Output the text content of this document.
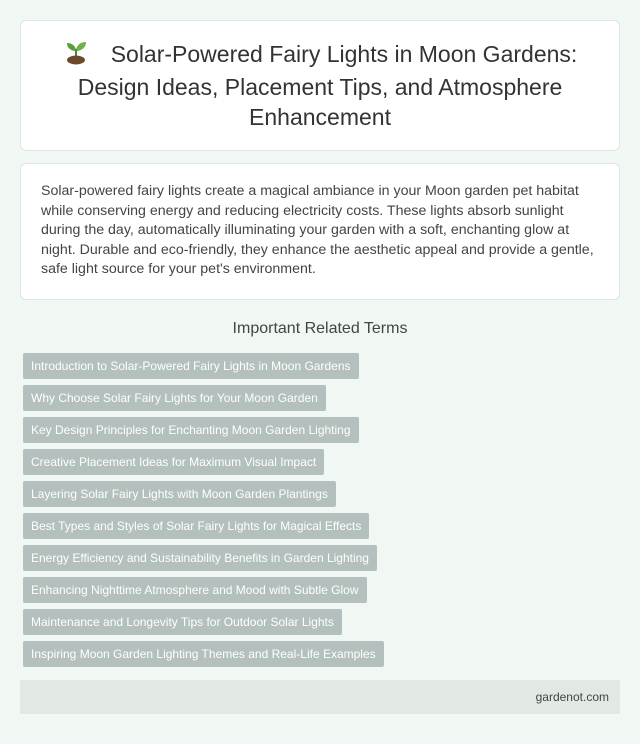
Solar-Powered Fairy Lights in Moon Gardens: Design Ideas, Placement Tips, and Atmosphere Enhancement

Solar-powered fairy lights create a magical ambiance in your Moon garden pet habitat while conserving energy and reducing electricity costs. These lights absorb sunlight during the day, automatically illuminating your garden with a soft, enchanting glow at night. Durable and eco-friendly, they enhance the aesthetic appeal and provide a gentle, safe light source for your pet's environment.

Important Related Terms
Introduction to Solar-Powered Fairy Lights in Moon Gardens
Why Choose Solar Fairy Lights for Your Moon Garden
Key Design Principles for Enchanting Moon Garden Lighting
Creative Placement Ideas for Maximum Visual Impact
Layering Solar Fairy Lights with Moon Garden Plantings
Best Types and Styles of Solar Fairy Lights for Magical Effects
Energy Efficiency and Sustainability Benefits in Garden Lighting
Enhancing Nighttime Atmosphere and Mood with Subtle Glow
Maintenance and Longevity Tips for Outdoor Solar Lights
Inspiring Moon Garden Lighting Themes and Real-Life Examples
gardenot.com
